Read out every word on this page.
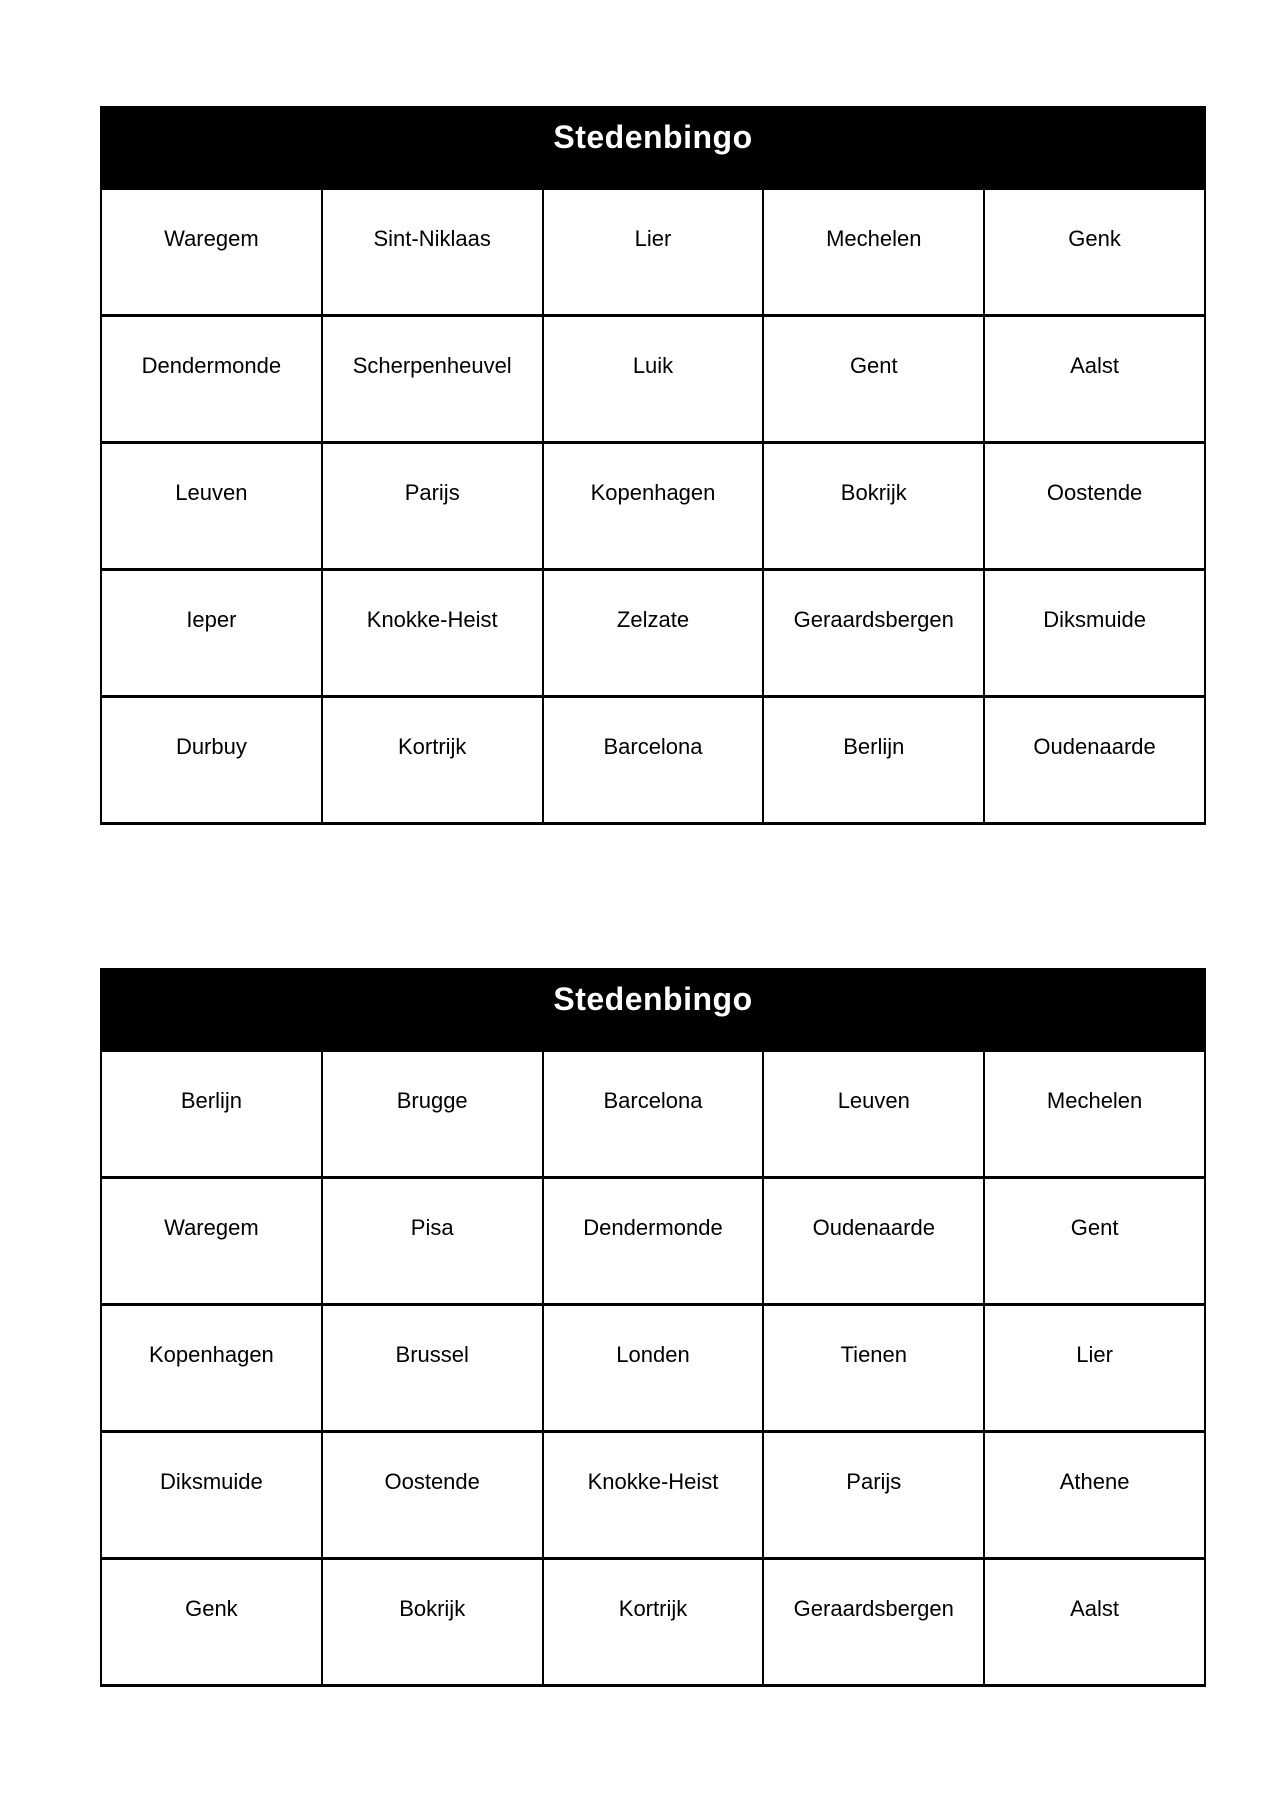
Stedenbingo
Waregem	Sint-Niklaas	Lier	Mechelen	Genk
Dendermonde	Scherpenheuvel	Luik	Gent	Aalst
Leuven	Parijs	Kopenhagen	Bokrijk	Oostende
Ieper	Knokke-Heist	Zelzate	Geraardsbergen	Diksmuide
Durbuy	Kortrijk	Barcelona	Berlijn	Oudenaarde
Stedenbingo
Berlijn	Brugge	Barcelona	Leuven	Mechelen
Waregem	Pisa	Dendermonde	Oudenaarde	Gent
Kopenhagen	Brussel	Londen	Tienen	Lier
Diksmuide	Oostende	Knokke-Heist	Parijs	Athene
Genk	Bokrijk	Kortrijk	Geraardsbergen	Aalst
